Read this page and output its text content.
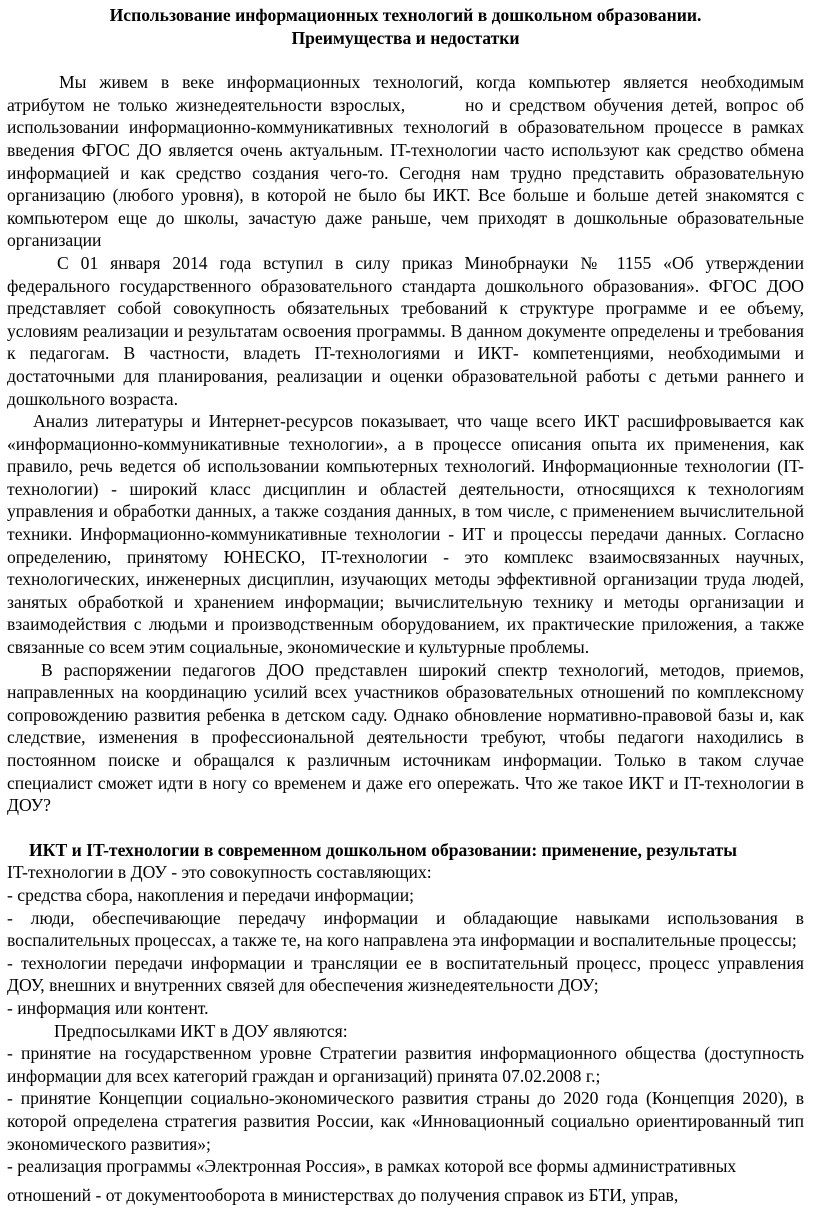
Использование информационных технологий в дошкольном образовании.
Преимущества и недостатки

Мы живем в веке информационных технологий, когда компьютер является необходимым атрибутом не только жизнедеятельности взрослых,	но и средством обучения детей, вопрос об использовании информационно-коммуникативных технологий в образовательном процессе в рамках введения ФГОС ДО является очень актуальным. IT-технологии часто используют как средство обмена информацией и как средство создания чего-то. Сегодня нам трудно представить образовательную организацию (любого уровня), в которой не было бы ИКТ. Все больше и больше детей знакомятся с компьютером еще до школы, зачастую даже раньше, чем приходят в дошкольные образовательные организации

С 01 января 2014 года вступил в силу приказ Минобрнауки № 1155 «Об утверждении федерального государственного образовательного стандарта дошкольного образования». ФГОС ДОО представляет собой совокупность обязательных требований к структуре программе и ее объему, условиям реализации и результатам освоения программы. В данном документе определены и требования к педагогам. В частности, владеть IT-технологиями и ИКТ- компетенциями, необходимыми и достаточными для планирования, реализации и оценки образовательной работы с детьми раннего и дошкольного возраста.

Анализ литературы и Интернет-ресурсов показывает, что чаще всего ИКТ расшифровывается как «информационно-коммуникативные технологии», а в процессе описания опыта их применения, как правило, речь ведется об использовании компьютерных технологий. Информационные технологии (IT-технологии) - широкий класс дисциплин и областей деятельности, относящихся к технологиям управления и обработки данных, а также создания данных, в том числе, с применением вычислительной техники. Информационно-коммуникативные технологии - ИТ и процессы передачи данных. Согласно определению, принятому ЮНЕСКО, IT-технологии - это комплекс взаимосвязанных научных, технологических, инженерных дисциплин, изучающих методы эффективной организации труда людей, занятых обработкой и хранением информации; вычислительную технику и методы организации и взаимодействия с людьми и производственным оборудованием, их практические приложения, а также связанные со всем этим социальные, экономические и культурные проблемы.

В распоряжении педагогов ДОО представлен широкий спектр технологий, методов, приемов, направленных на координацию усилий всех участников образовательных отношений по комплексному сопровождению развития ребенка в детском саду. Однако обновление нормативно-правовой базы и, как следствие, изменения в профессиональной деятельности требуют, чтобы педагоги находились в постоянном поиске и обращался к различным источникам информации. Только в таком случае специалист сможет идти в ногу со временем и даже его опережать. Что же такое ИКТ и IT-технологии в ДОУ?

ИКТ и IT-технологии в современном дошкольном образовании: применение, результаты

IT-технологии в ДОУ - это совокупность составляющих:

- средства сбора, накопления и передачи информации;

- люди, обеспечивающие передачу информации и обладающие навыками использования в воспалительных процессах, а также те, на кого направлена эта информации и воспалительные процессы;

- технологии передачи информации и трансляции ее в воспитательный процесс, процесс управления ДОУ, внешних и внутренних связей для обеспечения жизнедеятельности ДОУ;

- информация или контент.

Предпосылками ИКТ в ДОУ являются:

- принятие на государственном уровне Стратегии развития информационного общества (доступность информации для всех категорий граждан и организаций) принята 07.02.2008 г.;

- принятие Концепции социально-экономического развития страны до 2020 года (Концепция 2020), в которой определена стратегия развития России, как «Инновационный социально ориентированный тип экономического развития»;

- реализация программы «Электронная Россия», в рамках которой все формы административных

отношений - от документооборота в министерствах до получения справок из БТИ, управ,
